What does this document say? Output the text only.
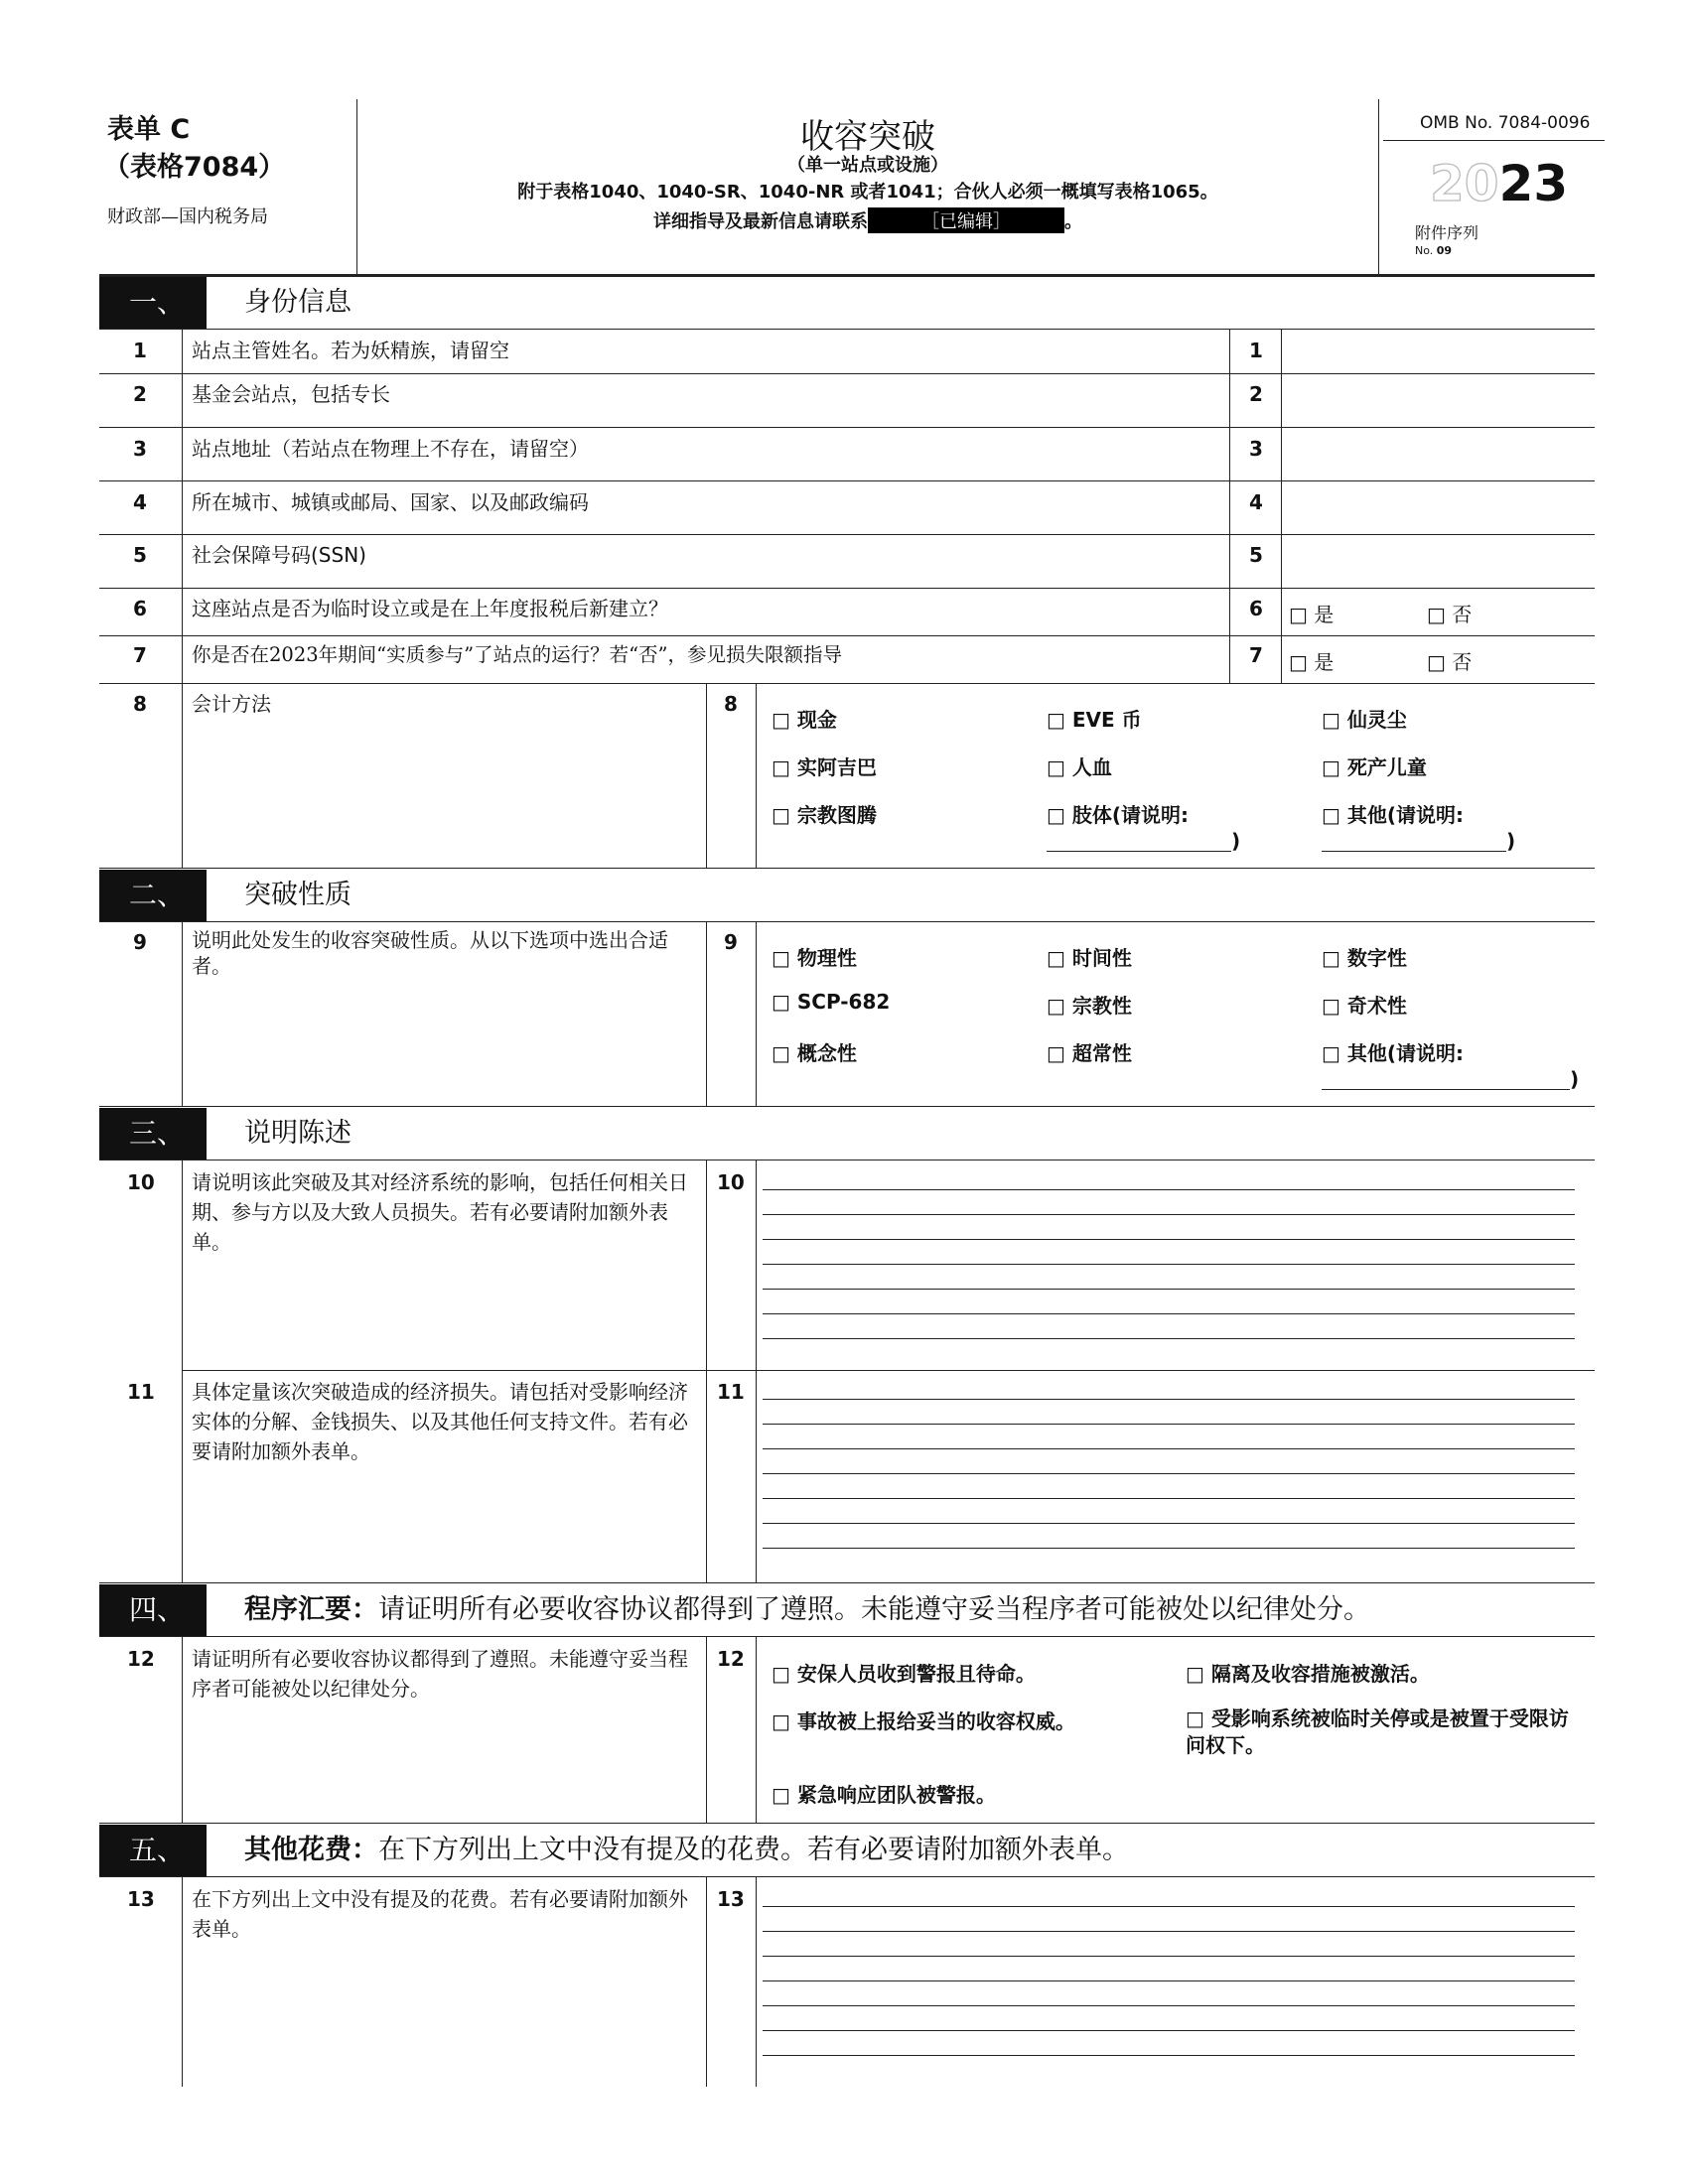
表单 C
（表格7084）
财政部—国内税务局
收容突破
（单一站点或设施）
附于表格1040、1040-SR、1040-NR 或者1041；合伙人必须一概填写表格1065。
详细指导及最新信息请联系	［已编辑］	。
OMB No. 7084-0096
2023
附件序列
No. 09
一、	身份信息
1 站点主管姓名。若为妖精族，请留空	1
2 基金会站点，包括专长	2
3 站点地址（若站点在物理上不存在，请留空）	3
4 所在城市、城镇或邮局、国家、以及邮政编码	4
5 社会保障号码(SSN)	5
6 这座站点是否为临时设立或是在上年度报税后新建立？	6 □ 是	□ 否
7 你是否在2023年期间“实质参与”了站点的运行？若“否”，参见损失限额指导	7 □ 是	□ 否
8 会计方法	8
□ 现金	□ EVE 币	□ 仙灵尘
□ 实阿吉巴	□ 人血	□ 死产儿童
□ 宗教图腾	□ 肢体(请说明:	□ 其他(请说明:
)	)
二、	突破性质
9 说明此处发生的收容突破性质。从以下选项中选出合适者。
9
□ 物理性	□ 时间性	□ 数字性
□ SCP-682	□ 宗教性	□ 奇术性
□ 概念性	□ 超常性	□ 其他(请说明:
)
三、	说明陈述
10 请说明该此突破及其对经济系统的影响，包括任何相关日期、参与方以及大致人员损失。若有必要请附加额外表单。
10
11 具体定量该次突破造成的经济损失。请包括对受影响经济实体的分解、金钱损失、以及其他任何支持文件。若有必要请附加额外表单。
11
四、	程序汇要：请证明所有必要收容协议都得到了遵照。未能遵守妥当程序者可能被处以纪律处分。
12 请证明所有必要收容协议都得到了遵照。未能遵守妥当程序者可能被处以纪律处分。
12
□ 安保人员收到警报且待命。	□ 隔离及收容措施被激活。
□ 事故被上报给妥当的收容权威。	□ 受影响系统被临时关停或是被置于受限访问权下。
□ 紧急响应团队被警报。
五、	其他花费：在下方列出上文中没有提及的花费。若有必要请附加额外表单。
13 在下方列出上文中没有提及的花费。若有必要请附加额外表单。
13
